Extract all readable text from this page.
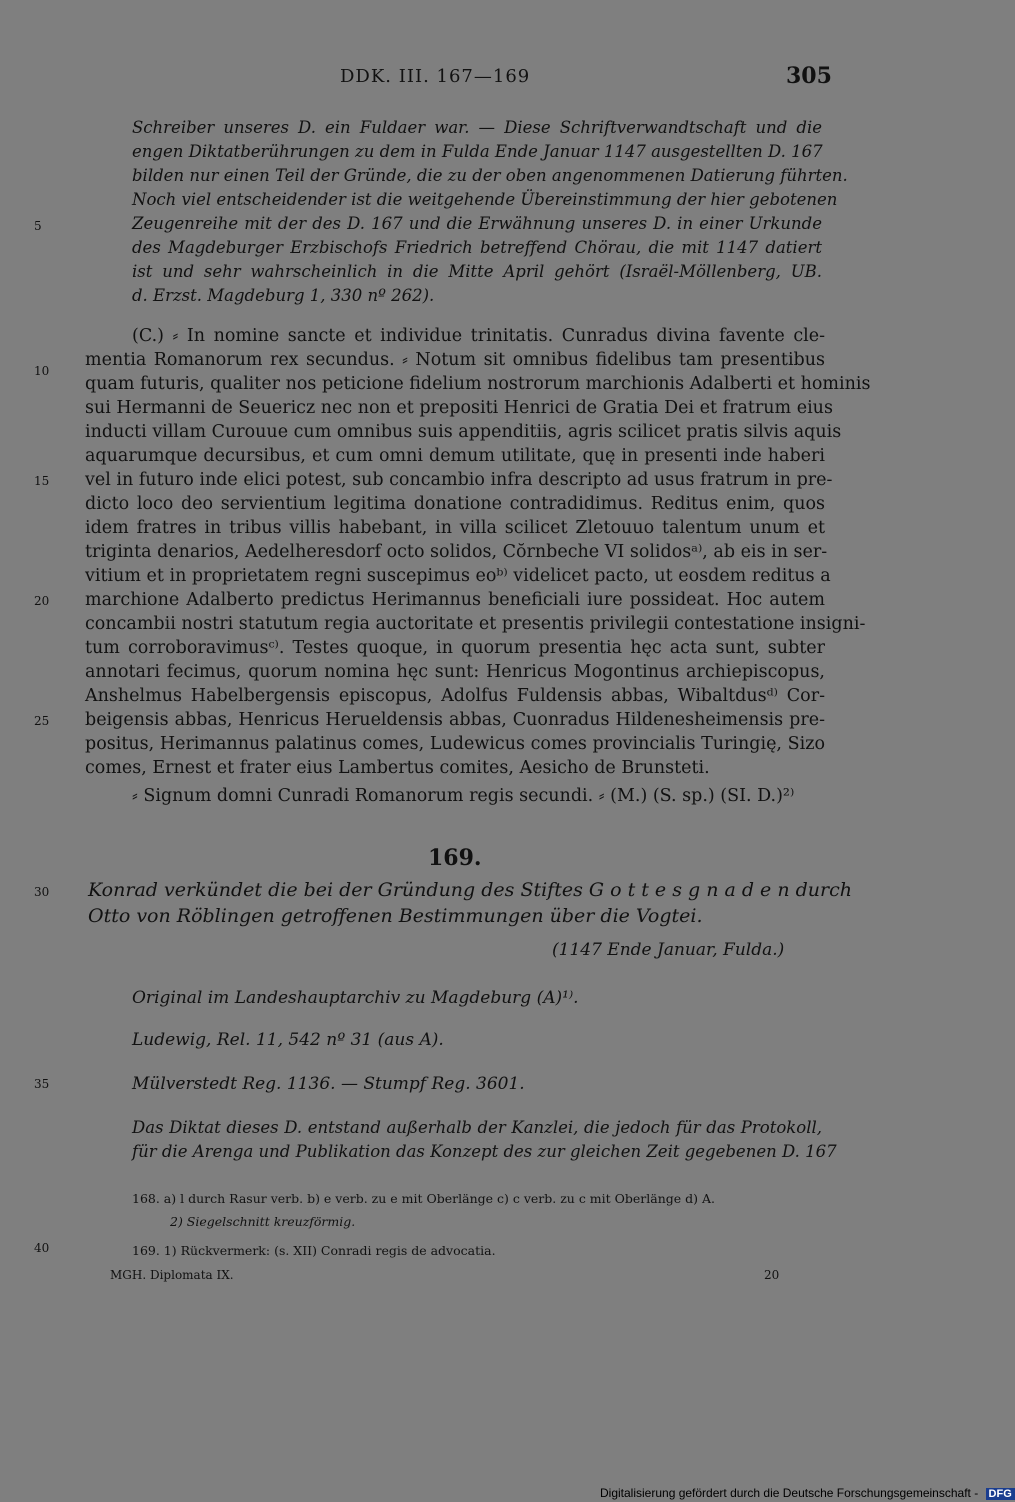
DDK. III. 167—169	305
Schreiber unseres D. ein Fuldaer war. — Diese Schriftverwandtschaft und die
engen Diktatberührungen zu dem in Fulda Ende Januar 1147 ausgestellten D. 167
bilden nur einen Teil der Gründe, die zu der oben angenommenen Datierung führten.
Noch viel entscheidender ist die weitgehende Übereinstimmung der hier gebotenen
Zeugenreihe mit der des D. 167 und die Erwähnung unseres D. in einer Urkunde
des Magdeburger Erzbischofs Friedrich betreffend Chörau, die mit 1147 datiert
ist und sehr wahrscheinlich in die Mitte April gehört (Israël-Möllenberg, UB.
d. Erzst. Magdeburg 1, 330 nº 262).
5
10
15
20
25
30
35
40
(C.) ⸗ In nomine sancte et individue trinitatis. Cunradus divina favente cle-
mentia Romanorum rex secundus. ⸗ Notum sit omnibus fidelibus tam presentibus
quam futuris, qualiter nos peticione fidelium nostrorum marchionis Adalberti et hominis
sui Hermanni de Seuericz nec non et prepositi Henrici de Gratia Dei et fratrum eius
inducti villam Curouue cum omnibus suis appenditiis, agris scilicet pratis silvis aquis
aquarumque decursibus, et cum omni demum utilitate, quę in presenti inde haberi
vel in futuro inde elici potest, sub concambio infra descripto ad usus fratrum in pre-
dicto loco deo servientium legitima donatione contradidimus. Reditus enim, quos
idem fratres in tribus villis habebant, in villa scilicet Zletouuo talentum unum et
triginta denarios, Aedelheresdorf octo solidos, Cŏrnbeche VI solidosᵃ⁾, ab eis in ser-
vitium et in proprietatem regni suscepimus eoᵇ⁾ videlicet pacto, ut eosdem reditus a
marchione Adalberto predictus Herimannus beneficiali iure possideat. Hoc autem
concambii nostri statutum regia auctoritate et presentis privilegii contestatione insigni-
tum corroboravimusᶜ⁾. Testes quoque, in quorum presentia hęc acta sunt, subter
annotari fecimus, quorum nomina hęc sunt: Henricus Mogontinus archiepiscopus,
Anshelmus Habelbergensis episcopus, Adolfus Fuldensis abbas, Wibaltdusᵈ⁾ Cor-
beigensis abbas, Henricus Herueldensis abbas, Cuonradus Hildenesheimensis pre-
positus, Herimannus palatinus comes, Ludewicus comes provincialis Turingię, Sizo
comes, Ernest et frater eius Lambertus comites, Aesicho de Brunsteti.
⸗ Signum domni Cunradi Romanorum regis secundi. ⸗ (M.) (S. sp.) (SI. D.)²⁾
169.
Konrad verkündet die bei der Gründung des Stiftes G o t t e s g n a d e n durch
Otto von Röblingen getroffenen Bestimmungen über die Vogtei.
(1147 Ende Januar, Fulda.)
Original im Landeshauptarchiv zu Magdeburg (A)¹⁾.
Ludewig, Rel. 11, 542 nº 31 (aus A).
Mülverstedt Reg. 1136. — Stumpf Reg. 3601.
Das Diktat dieses D. entstand außerhalb der Kanzlei, die jedoch für das Protokoll,
für die Arenga und Publikation das Konzept des zur gleichen Zeit gegebenen D. 167
168. a) l durch Rasur verb. b) e verb. zu e mit Oberlänge c) c verb. zu c mit Oberlänge d) A.
2) Siegelschnitt kreuzförmig.
169. 1) Rückvermerk: (s. XII) Conradi regis de advocatia.
MGH. Diplomata IX.	20
Digitalisierung gefördert durch die Deutsche Forschungsgemeinschaft - DFG
